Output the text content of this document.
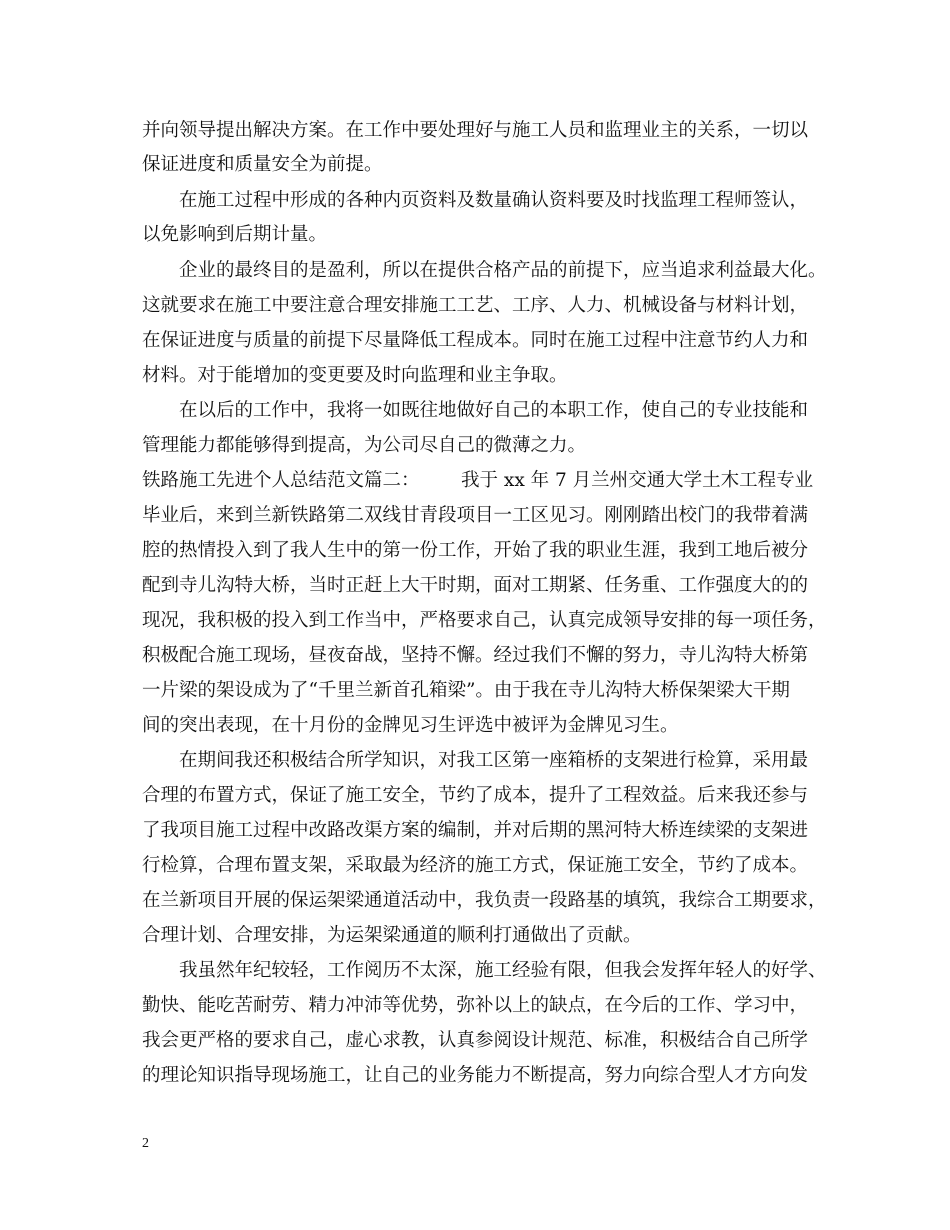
并向领导提出解决方案。在工作中要处理好与施工人员和监理业主的关系，一切以
保证进度和质量安全为前提。
在施工过程中形成的各种内页资料及数量确认资料要及时找监理工程师签认，
以免影响到后期计量。
企业的最终目的是盈利，所以在提供合格产品的前提下，应当追求利益最大化。
这就要求在施工中要注意合理安排施工工艺、工序、人力、机械设备与材料计划，
在保证进度与质量的前提下尽量降低工程成本。同时在施工过程中注意节约人力和
材料。对于能增加的变更要及时向监理和业主争取。
在以后的工作中，我将一如既往地做好自己的本职工作，使自己的专业技能和
管理能力都能够得到提高，为公司尽自己的微薄之力。
铁路施工先进个人总结范文篇二： 我于 xx 年 7 月兰州交通大学土木工程专业
毕业后，来到兰新铁路第二双线甘青段项目一工区见习。刚刚踏出校门的我带着满
腔的热情投入到了我人生中的第一份工作，开始了我的职业生涯，我到工地后被分
配到寺儿沟特大桥，当时正赶上大干时期，面对工期紧、任务重、工作强度大的的
现况，我积极的投入到工作当中，严格要求自己，认真完成领导安排的每一项任务，
积极配合施工现场，昼夜奋战，坚持不懈。经过我们不懈的努力，寺儿沟特大桥第
一片梁的架设成为了“千里兰新首孔箱梁”。由于我在寺儿沟特大桥保架梁大干期
间的突出表现，在十月份的金牌见习生评选中被评为金牌见习生。
在期间我还积极结合所学知识，对我工区第一座箱桥的支架进行检算，采用最
合理的布置方式，保证了施工安全，节约了成本，提升了工程效益。后来我还参与
了我项目施工过程中改路改渠方案的编制，并对后期的黑河特大桥连续梁的支架进
行检算，合理布置支架，采取最为经济的施工方式，保证施工安全，节约了成本。
在兰新项目开展的保运架梁通道活动中，我负责一段路基的填筑，我综合工期要求，
合理计划、合理安排，为运架梁通道的顺利打通做出了贡献。
我虽然年纪较轻，工作阅历不太深，施工经验有限，但我会发挥年轻人的好学、
勤快、能吃苦耐劳、精力冲沛等优势，弥补以上的缺点，在今后的工作、学习中，
我会更严格的要求自己，虚心求教，认真参阅设计规范、标准，积极结合自己所学
的理论知识指导现场施工，让自己的业务能力不断提高，努力向综合型人才方向发
2
